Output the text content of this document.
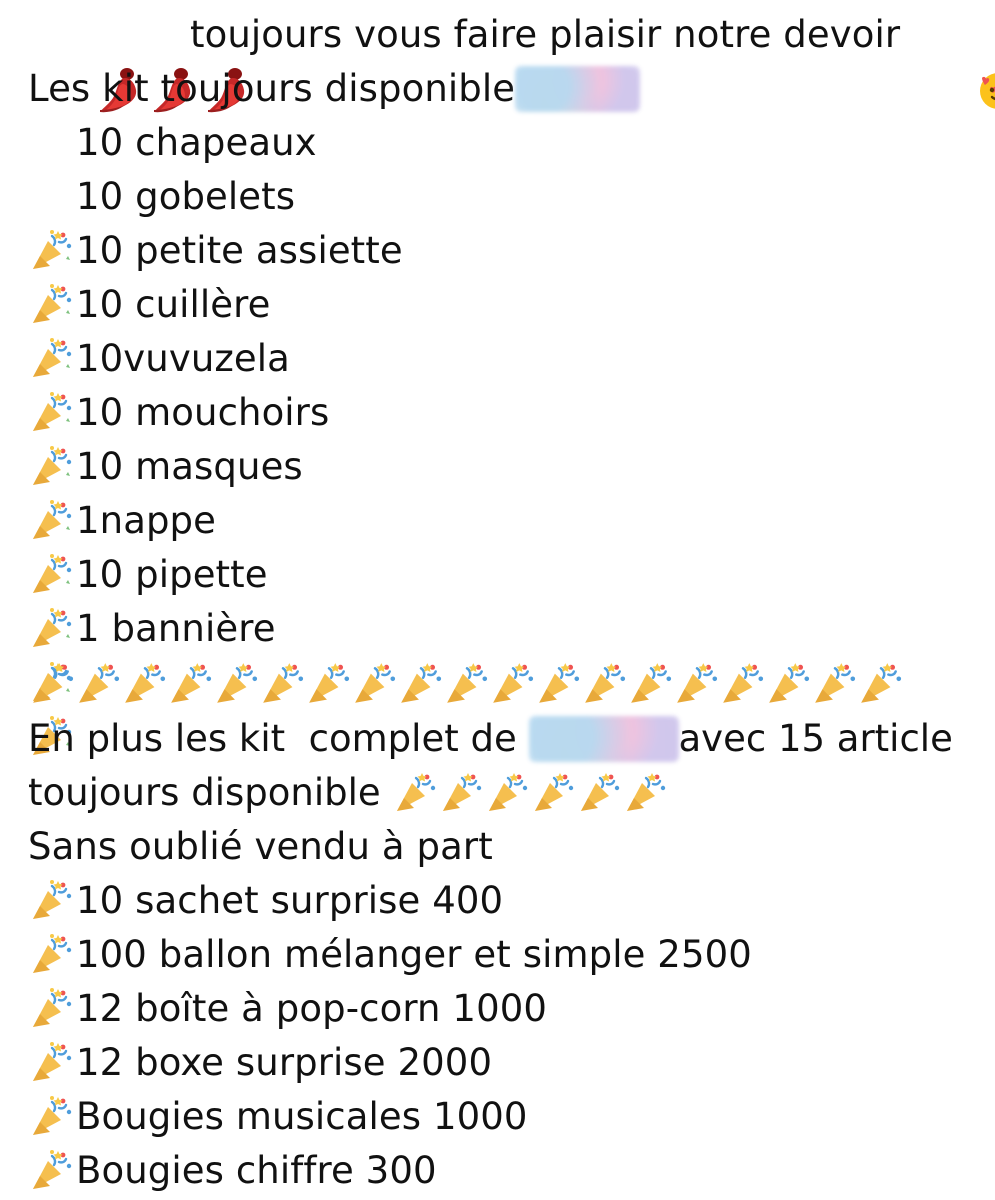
toujours vous faire plaisir notre devoir

Les kit toujours disponible

10 chapeaux

10 gobelets

10 petite assiette

10 cuillère

10vuvuzela

10 mouchoirs

10 masques

1nappe

10 pipette

1 bannière
En plus les kit  complet de	avec 15 article
toujours disponible
Sans oublié vendu à part
10 sachet surprise 400
100 ballon mélanger et simple 2500
12 boîte à pop-corn 1000
12 boxe surprise 2000
Bougies musicales 1000
Bougies chiffre 300
